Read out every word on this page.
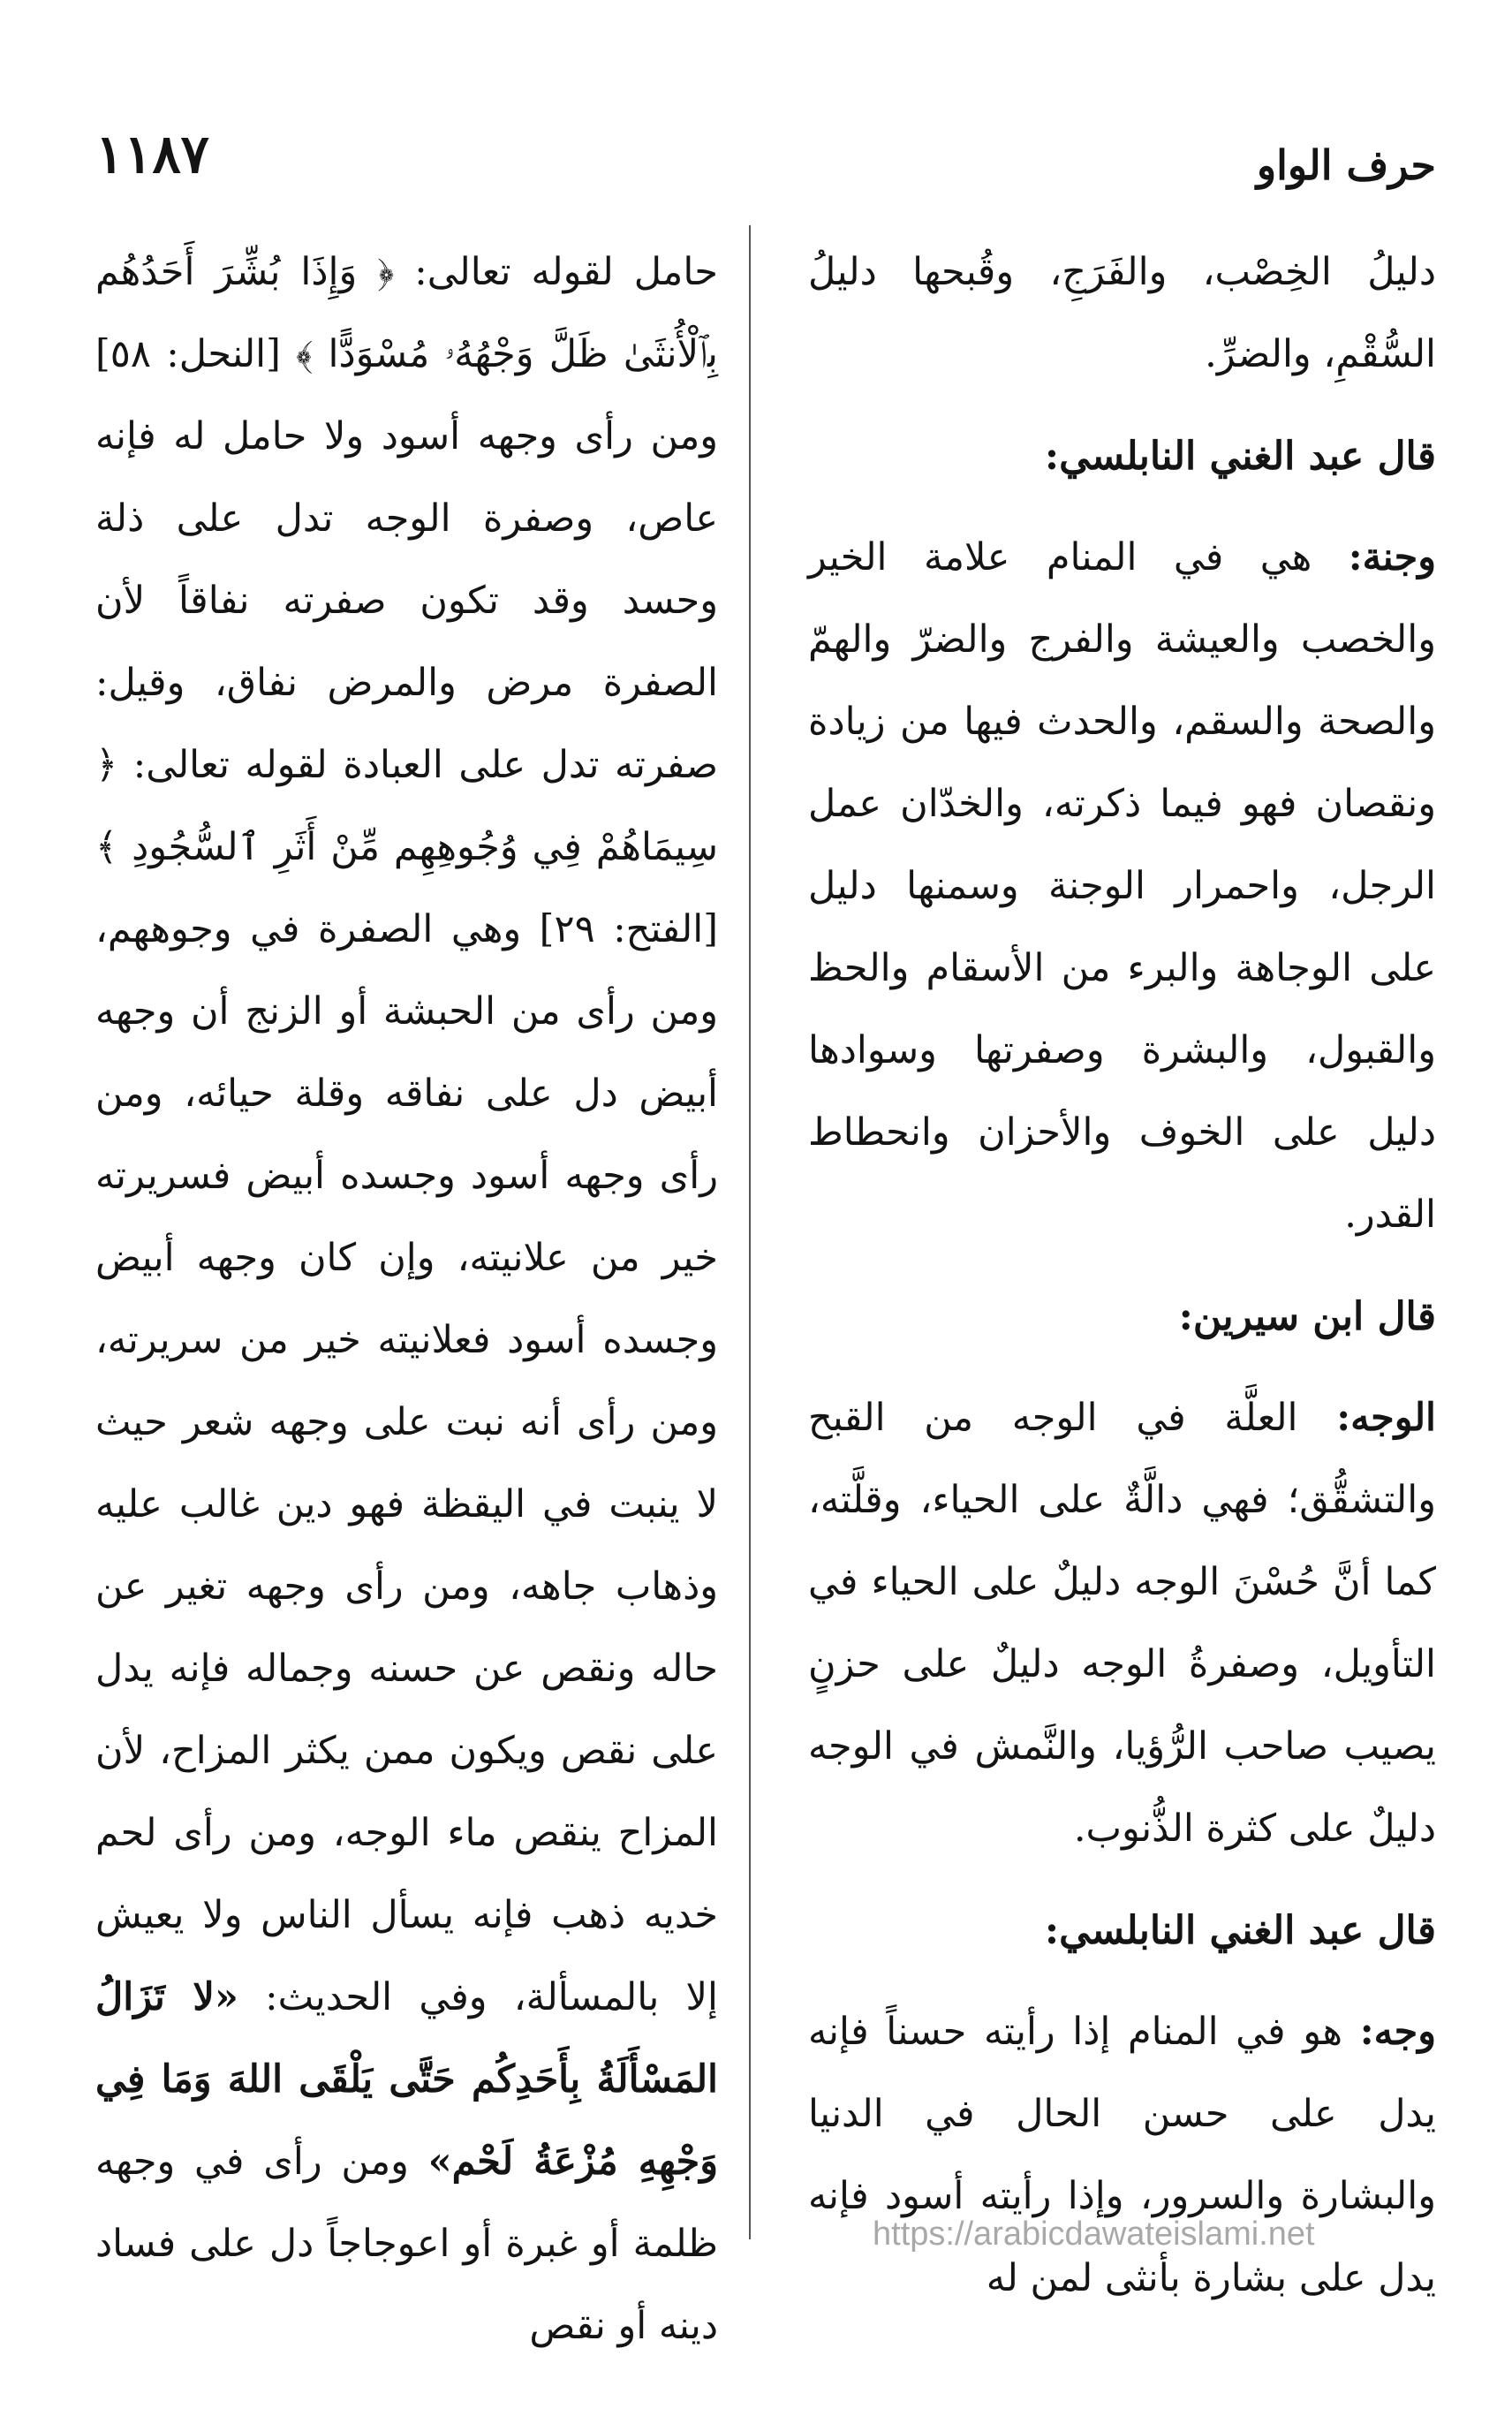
١١٨٧	حرف الواو

دليلُ الخِصْب، والفَرَجِ، وقُبحها دليلُ السُّقْمِ، والضرِّ.

قال عبد الغني النابلسي:

وجنة: هي في المنام علامة الخير والخصب والعيشة والفرج والضرّ والهمّ والصحة والسقم، والحدث فيها من زيادة ونقصان فهو فيما ذكرته، والخدّان عمل الرجل، واحمرار الوجنة وسمنها دليل على الوجاهة والبرء من الأسقام والحظ والقبول، والبشرة وصفرتها وسوادها دليل على الخوف والأحزان وانحطاط القدر.

قال ابن سيرين:

الوجه: العلَّة في الوجه من القبح والتشقُّق؛ فهي دالَّةٌ على الحياء، وقلَّته، كما أنَّ حُسْنَ الوجه دليلٌ على الحياء في التأويل، وصفرةُ الوجه دليلٌ على حزنٍ يصيب صاحب الرُّؤيا، والنَّمش في الوجه دليلٌ على كثرة الذُّنوب.

قال عبد الغني النابلسي:

وجه: هو في المنام إذا رأيته حسناً فإنه يدل على حسن الحال في الدنيا والبشارة والسرور، وإذا رأيته أسود فإنه يدل على بشارة بأنثى لمن له

حامل لقوله تعالى: ﴿ وَإِذَا بُشِّرَ أَحَدُهُم بِٱلْأُنثَىٰ ظَلَّ وَجْهُهُۥ مُسْوَدًّا ﴾ [النحل: ٥٨] ومن رأى وجهه أسود ولا حامل له فإنه عاص، وصفرة الوجه تدل على ذلة وحسد وقد تكون صفرته نفاقاً لأن الصفرة مرض والمرض نفاق، وقيل: صفرته تدل على العبادة لقوله تعالى: ﴿ سِيمَاهُمْ فِي وُجُوهِهِم مِّنْ أَثَرِ ٱلسُّجُودِ ﴾ [الفتح: ٢٩] وهي الصفرة في وجوههم، ومن رأى من الحبشة أو الزنج أن وجهه أبيض دل على نفاقه وقلة حيائه، ومن رأى وجهه أسود وجسده أبيض فسريرته خير من علانيته، وإن كان وجهه أبيض وجسده أسود فعلانيته خير من سريرته، ومن رأى أنه نبت على وجهه شعر حيث لا ينبت في اليقظة فهو دين غالب عليه وذهاب جاهه، ومن رأى وجهه تغير عن حاله ونقص عن حسنه وجماله فإنه يدل على نقص ويكون ممن يكثر المزاح، لأن المزاح ينقص ماء الوجه، ومن رأى لحم خديه ذهب فإنه يسأل الناس ولا يعيش إلا بالمسألة، وفي الحديث: «لا تَزَالُ المَسْأَلَةُ بِأَحَدِكُم حَتَّى يَلْقَى اللهَ وَمَا فِي وَجْهِهِ مُزْعَةُ لَحْم» ومن رأى في وجهه ظلمة أو غبرة أو اعوجاجاً دل على فساد دينه أو نقص

https://arabicdawateislami.net
